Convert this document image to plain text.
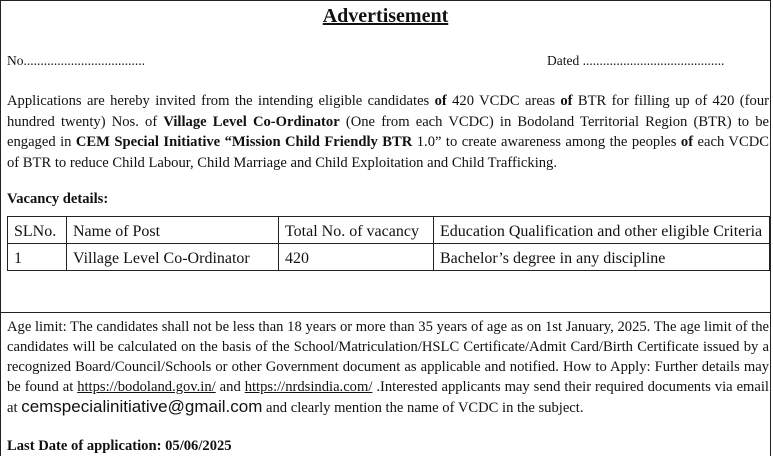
Advertisement
No....................................	Dated ..........................................
Applications are hereby invited from the intending eligible candidates of 420 VCDC areas of BTR for filling up of 420 (four hundred twenty) Nos. of Village Level Co-Ordinator (One from each VCDC) in Bodoland Territorial Region (BTR) to be engaged in CEM Special Initiative “Mission Child Friendly BTR 1.0” to create awareness among the peoples of each VCDC of BTR to reduce Child Labour, Child Marriage and Child Exploitation and Child Trafficking.
Vacancy details:
SLNo.	Name of Post	Total No. of vacancy	Education Qualification and other eligible Criteria
1	Village Level Co-Ordinator	420	Bachelor’s degree in any discipline
Age limit: The candidates shall not be less than 18 years or more than 35 years of age as on 1st January, 2025. The age limit of the candidates will be calculated on the basis of the School/Matriculation/HSLC Certificate/Admit Card/Birth Certificate issued by a recognized Board/Council/Schools or other Government document as applicable and notified. How to Apply: Further details may be found at https://bodoland.gov.in/ and https://nrdsindia.com/ .Interested applicants may send their required documents via email at cemspecialinitiative@gmail.com and clearly mention the name of VCDC in the subject.
Last Date of application: 05/06/2025
